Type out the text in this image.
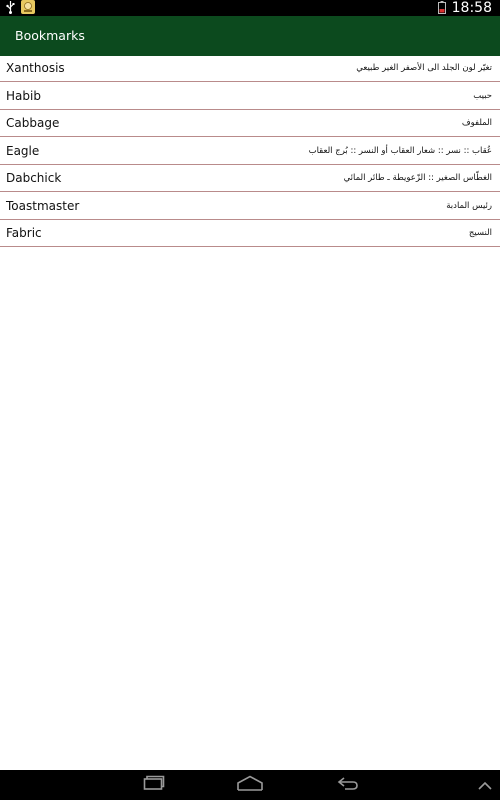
18:58
Bookmarks
Xanthosis	تغيّر لون الجلد الى الأصفر الغير طبيعي
Habib	حبيب
Cabbage	الملفوف
Eagle	عُقاب :: نسر :: شعار العقاب أو النسر :: بُرج العقاب
Dabchick	الغطّاس الصغير :: الزّعويطة ـ طائر المائي
Toastmaster	رئيس المادبة
Fabric	النسيج
